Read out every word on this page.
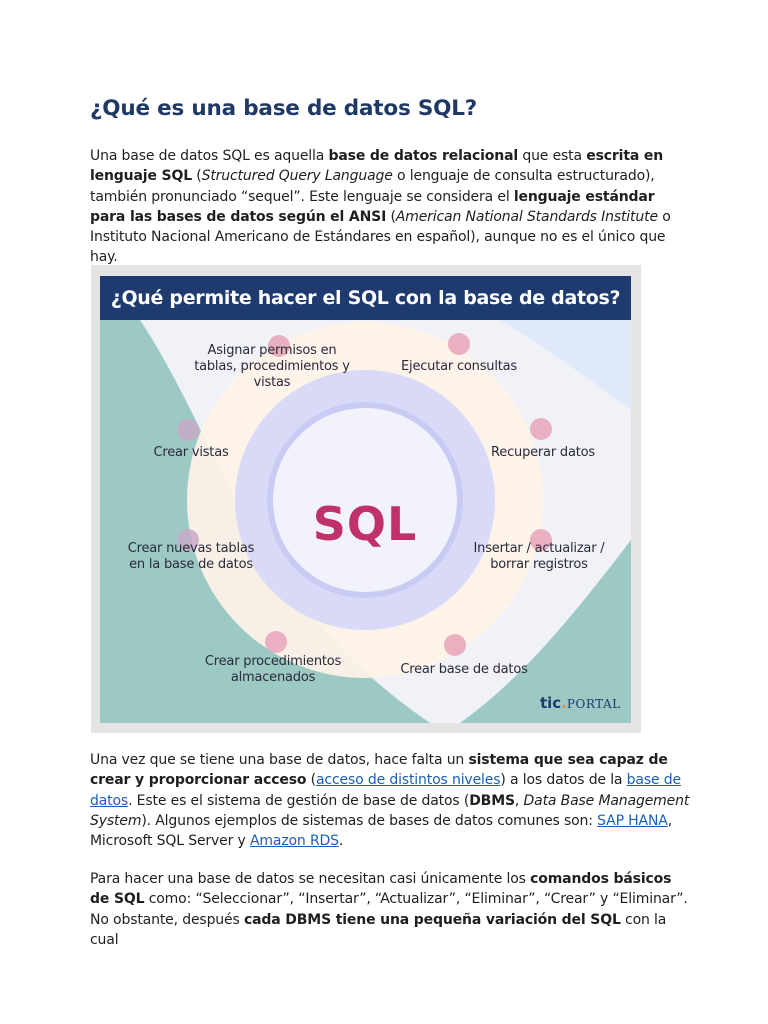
¿Qué es una base de datos SQL?

Una base de datos SQL es aquella base de datos relacional que esta escrita en lenguaje SQL (Structured Query Language o lenguaje de consulta estructurado), también pronunciado “sequel”. Este lenguaje se considera el lenguaje estándar para las bases de datos según el ANSI (American National Standards Institute o Instituto Nacional Americano de Estándares en español), aunque no es el único que hay.

Una vez que se tiene una base de datos, hace falta un sistema que sea capaz de crear y proporcionar acceso (acceso de distintos niveles) a los datos de la base de datos. Este es el sistema de gestión de base de datos (DBMS, Data Base Management System). Algunos ejemplos de sistemas de bases de datos comunes son: SAP HANA, Microsoft SQL Server y Amazon RDS.

Para hacer una base de datos se necesitan casi únicamente los comandos básicos de SQL como: “Seleccionar”, “Insertar”, “Actualizar”, “Eliminar”, “Crear” y “Eliminar”. No obstante, después cada DBMS tiene una pequeña variación del SQL con la cual

¿Qué permite hacer el SQL con la base de datos?
SQL
Asignar permisos en
tablas, procedimientos y
vistas
Ejecutar consultas
Crear vistas	Recuperar datos
Crear nuevas tablas
en la base de datos
Insertar / actualizar /
borrar registros
Crear procedimientos
almacenados
Crear base de datos
tic.PORTAL
